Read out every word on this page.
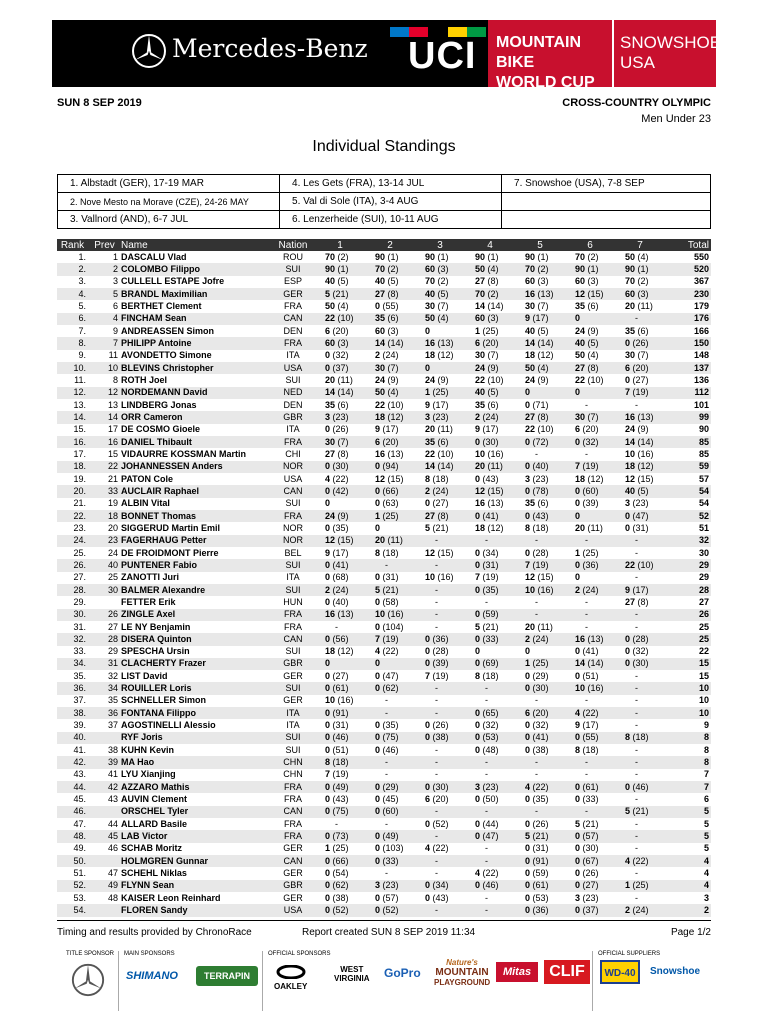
Mercedes-Benz UCI MOUNTAIN BIKE
WORLD CUP
SNOWSHOE
USA
SUN 8 SEP 2019	CROSS-COUNTRY OLYMPIC
Men Under 23
Individual Standings
1. Albstadt (GER), 17-19 MAR	4. Les Gets (FRA), 13-14 JUL	7. Snowshoe (USA), 7-8 SEP
2. Nove Mesto na Morave (CZE), 24-26 MAY	5. Val di Sole (ITA), 3-4 AUG	
3. Vallnord (AND), 6-7 JUL	6. Lenzerheide (SUI), 10-11 AUG	
Rank	Prev	Name	Nation	1	2	3	4	5	6	7	Total
1.	1	DASCALU Vlad	ROU	70 (2)	90 (1)	90 (1)	90 (1)	90 (1)	70 (2)	50 (4)	550
2.	2	COLOMBO Filippo	SUI	90 (1)	70 (2)	60 (3)	50 (4)	70 (2)	90 (1)	90 (1)	520
3.	3	CULLELL ESTAPE Jofre	ESP	40 (5)	40 (5)	70 (2)	27 (8)	60 (3)	60 (3)	70 (2)	367
4.	5	BRANDL Maximilian	GER	5 (21)	27 (8)	40 (5)	70 (2)	16 (13)	12 (15)	60 (3)	230
5.	6	BERTHET Clement	FRA	50 (4)	0 (55)	30 (7)	14 (14)	30 (7)	35 (6)	20 (11)	179
6.	4	FINCHAM Sean	CAN	22 (10)	35 (6)	50 (4)	60 (3)	9 (17)	0	-	176
7.	9	ANDREASSEN Simon	DEN	6 (20)	60 (3)	0	1 (25)	40 (5)	24 (9)	35 (6)	166
8.	7	PHILIPP Antoine	FRA	60 (3)	14 (14)	16 (13)	6 (20)	14 (14)	40 (5)	0 (26)	150
9.	11	AVONDETTO Simone	ITA	0 (32)	2 (24)	18 (12)	30 (7)	18 (12)	50 (4)	30 (7)	148
10.	10	BLEVINS Christopher	USA	0 (37)	30 (7)	0	24 (9)	50 (4)	27 (8)	6 (20)	137
11.	8	ROTH Joel	SUI	20 (11)	24 (9)	24 (9)	22 (10)	24 (9)	22 (10)	0 (27)	136
12.	12	NORDEMANN David	NED	14 (14)	50 (4)	1 (25)	40 (5)	0	0	7 (19)	112
13.	13	LINDBERG Jonas	DEN	35 (6)	22 (10)	9 (17)	35 (6)	0 (71)	-	-	101
14.	14	ORR Cameron	GBR	3 (23)	18 (12)	3 (23)	2 (24)	27 (8)	30 (7)	16 (13)	99
15.	17	DE COSMO Gioele	ITA	0 (26)	9 (17)	20 (11)	9 (17)	22 (10)	6 (20)	24 (9)	90
16.	16	DANIEL Thibault	FRA	30 (7)	6 (20)	35 (6)	0 (30)	0 (72)	0 (32)	14 (14)	85
17.	15	VIDAURRE KOSSMAN Martin	CHI	27 (8)	16 (13)	22 (10)	10 (16)	-	-	10 (16)	85
18.	22	JOHANNESSEN Anders	NOR	0 (30)	0 (94)	14 (14)	20 (11)	0 (40)	7 (19)	18 (12)	59
19.	21	PATON Cole	USA	4 (22)	12 (15)	8 (18)	0 (43)	3 (23)	18 (12)	12 (15)	57
20.	33	AUCLAIR Raphael	CAN	0 (42)	0 (66)	2 (24)	12 (15)	0 (78)	0 (60)	40 (5)	54
21.	19	ALBIN Vital	SUI	0	0 (63)	0 (27)	16 (13)	35 (6)	0 (39)	3 (23)	54
22.	18	BONNET Thomas	FRA	24 (9)	1 (25)	27 (8)	0 (41)	0 (43)	0	0 (47)	52
23.	20	SIGGERUD Martin Emil	NOR	0 (35)	0	5 (21)	18 (12)	8 (18)	20 (11)	0 (31)	51
24.	23	FAGERHAUG Petter	NOR	12 (15)	20 (11)	-	-	-	-	-	32
25.	24	DE FROIDMONT Pierre	BEL	9 (17)	8 (18)	12 (15)	0 (34)	0 (28)	1 (25)	-	30
26.	40	PUNTENER Fabio	SUI	0 (41)	-	-	0 (31)	7 (19)	0 (36)	22 (10)	29
27.	25	ZANOTTI Juri	ITA	0 (68)	0 (31)	10 (16)	7 (19)	12 (15)	0	-	29
28.	30	BALMER Alexandre	SUI	2 (24)	5 (21)	-	0 (35)	10 (16)	2 (24)	9 (17)	28
29.		FETTER Erik	HUN	0 (40)	0 (58)	-	-	-	-	27 (8)	27
30.	26	ZINGLE Axel	FRA	16 (13)	10 (16)	-	0 (59)	-	-	-	26
31.	27	LE NY Benjamin	FRA	-	0 (104)	-	5 (21)	20 (11)	-	-	25
32.	28	DISERA Quinton	CAN	0 (56)	7 (19)	0 (36)	0 (33)	2 (24)	16 (13)	0 (28)	25
33.	29	SPESCHA Ursin	SUI	18 (12)	4 (22)	0 (28)	0	0	0 (41)	0 (32)	22
34.	31	CLACHERTY Frazer	GBR	0	0	0 (39)	0 (69)	1 (25)	14 (14)	0 (30)	15
35.	32	LIST David	GER	0 (27)	0 (47)	7 (19)	8 (18)	0 (29)	0 (51)	-	15
36.	34	ROUILLER Loris	SUI	0 (61)	0 (62)	-	-	0 (30)	10 (16)	-	10
37.	35	SCHNELLER Simon	GER	10 (16)	-	-	-	-	-	-	10
38.	36	FONTANA Filippo	ITA	0 (91)	-	-	0 (65)	6 (20)	4 (22)	-	10
39.	37	AGOSTINELLI Alessio	ITA	0 (31)	0 (35)	0 (26)	0 (32)	0 (32)	9 (17)	-	9
40.		RYF Joris	SUI	0 (46)	0 (75)	0 (38)	0 (53)	0 (41)	0 (55)	8 (18)	8
41.	38	KUHN Kevin	SUI	0 (51)	0 (46)	-	0 (48)	0 (38)	8 (18)	-	8
42.	39	MA Hao	CHN	8 (18)	-	-	-	-	-	-	8
43.	41	LYU Xianjing	CHN	7 (19)	-	-	-	-	-	-	7
44.	42	AZZARO Mathis	FRA	0 (49)	0 (29)	0 (30)	3 (23)	4 (22)	0 (61)	0 (46)	7
45.	43	AUVIN Clement	FRA	0 (43)	0 (45)	6 (20)	0 (50)	0 (35)	0 (33)	-	6
46.		ORSCHEL Tyler	CAN	0 (75)	0 (60)	-	-	-	-	5 (21)	5
47.	44	ALLARD Basile	FRA	-	-	0 (52)	0 (44)	0 (26)	5 (21)	-	5
48.	45	LAB Victor	FRA	0 (73)	0 (49)	-	0 (47)	5 (21)	0 (57)	-	5
49.	46	SCHAB Moritz	GER	1 (25)	0 (103)	4 (22)	-	0 (31)	0 (30)	-	5
50.		HOLMGREN Gunnar	CAN	0 (66)	0 (33)	-	-	0 (91)	0 (67)	4 (22)	4
51.	47	SCHEHL Niklas	GER	0 (54)	-	-	4 (22)	0 (59)	0 (26)	-	4
52.	49	FLYNN Sean	GBR	0 (62)	3 (23)	0 (34)	0 (46)	0 (61)	0 (27)	1 (25)	4
53.	48	KAISER Leon Reinhard	GER	0 (38)	0 (57)	0 (43)	-	0 (53)	3 (23)	-	3
54.		FLOREN Sandy	USA	0 (52)	0 (52)	-	-	0 (36)	0 (37)	2 (24)	2
Timing and results provided by ChronoRace	Report created SUN 8 SEP 2019 11:34	Page 1/2
TITLE SPONSOR MAIN SPONSORS	OFFICIAL SPONSORS	OFFICIAL SUPPLIERS
SHIMANO	TERRAPIN
OAKLEY
WEST
VIRGINIA GoPro
Nature's
MOUNTAIN
PLAYGROUND
Mitas	CLIF	WD-40	Snowshoe
